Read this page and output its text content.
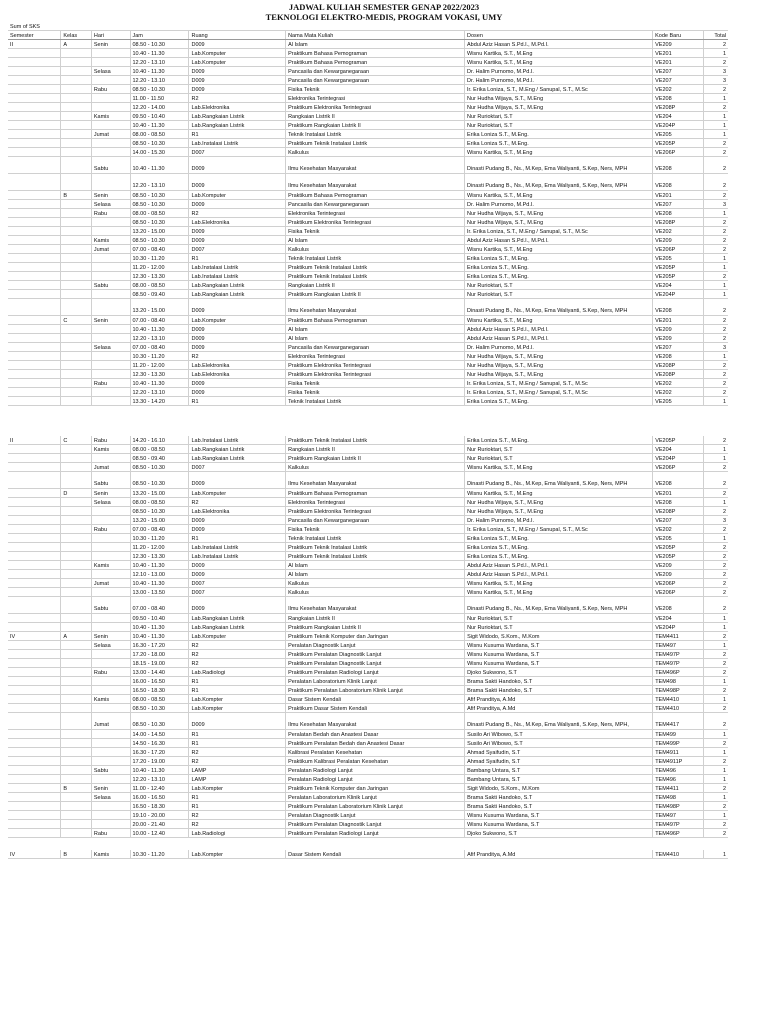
JADWAL KULIAH SEMESTER GENAP 2022/2023
TEKNOLOGI ELEKTRO-MEDIS, PROGRAM VOKASI, UMY
Sum of SKS								
Semester	Kelas	Hari	Jam	Ruang	Nama Mata Kuliah	Dosen	Kode Baru	Total
II	A	Senin	08.50 - 10.30	D009	Al Islam	Abdul Aziz Hasan S.Pd.I., M.Pd.I.	VE209	2
			10.40 - 11.30	Lab.Komputer	Praktikum Bahasa Pemograman	Wisnu Kartika, S.T., M.Eng	VE201	1
			12.20 - 13.10	Lab.Komputer	Praktikum Bahasa Pemograman	Wisnu Kartika, S.T., M.Eng	VE201	2
		Selasa	10.40 - 11.30	D009	Pancasila dan Kewarganegaraan	Dr. Halim Purnomo, M.Pd.I.	VE207	3
			12.20 - 13.10	D009	Pancasila dan Kewarganegaraan	Dr. Halim Purnomo, M.Pd.I.	VE207	3
		Rabu	08.50 - 10.30	D009	Fisika Teknik	Ir. Erika Loniza, S.T., M.Eng / Sanupal, S.T., M.Sc	VE202	2
			11.00 - 11.50	R2	Elektronika Terintegrasi	Nur Hudha Wijaya, S.T., M.Eng	VE208	1
			12.20 - 14.00	Lab.Elektronika	Praktikum Elektronika Terintegrasi	Nur Hudha Wijaya, S.T., M.Eng	VE208P	2
		Kamis	09.50 - 10.40	Lab.Rangkaian Listrik	Rangkaian Listrik II	Nur Rurioktari, S.T	VE204	1
			10.40 - 11.30	Lab.Rangkaian Listrik	Praktikum Rangkaian Listrik II	Nur Rurioktari, S.T	VE204P	1
		Jumat	08.00 - 08.50	R1	Teknik Instalasi Listrik	Erika Loniza S.T., M.Eng.	VE205	1
			08.50 - 10.30	Lab.Instalasi Listrik	Praktikum Teknik Instalasi Listrik	Erika Loniza S.T., M.Eng.	VE205P	2
			14.00 - 15.30	D007	Kalkulus	Wisnu Kartika, S.T., M.Eng	VE206P	2
		Sabtu	10.40 - 11.30	D009	Ilmu Kesehatan Masyarakat	Dinasti Pudang B., Ns., M.Kep, Ema Waliyanti, S.Kep, Ners, MPH	VE208	2
			12.20 - 13.10	D009	Ilmu Kesehatan Masyarakat	Dinasti Pudang B., Ns., M.Kep, Ema Waliyanti, S.Kep, Ners, MPH	VE208	2
	B	Senin	08.50 - 10.30	Lab.Komputer	Praktikum Bahasa Pemograman	Wisnu Kartika, S.T., M.Eng	VE201	2
		Selasa	08.50 - 10.30	D009	Pancasila dan Kewarganegaraan	Dr. Halim Purnomo, M.Pd.I.	VE207	3
		Rabu	08.00 - 08.50	R2	Elektronika Terintegrasi	Nur Hudha Wijaya, S.T., M.Eng	VE208	1
			08.50 - 10.30	Lab.Elektronika	Praktikum Elektronika Terintegrasi	Nur Hudha Wijaya, S.T., M.Eng	VE208P	2
			13.20 - 15.00	D009	Fisika Teknik	Ir. Erika Loniza, S.T., M.Eng / Sanupal, S.T., M.Sc	VE202	2
		Kamis	08.50 - 10.30	D009	Al Islam	Abdul Aziz Hasan S.Pd.I., M.Pd.I.	VE209	2
		Jumat	07.00 - 08.40	D007	Kalkulus	Wisnu Kartika, S.T., M.Eng	VE206P	2
			10.30 - 11.20	R1	Teknik Instalasi Listrik	Erika Loniza S.T., M.Eng.	VE205	1
			11.20 - 12.00	Lab.Instalasi Listrik	Praktikum Teknik Instalasi Listrik	Erika Loniza S.T., M.Eng.	VE205P	1
			12.30 - 13.30	Lab.Instalasi Listrik	Praktikum Teknik Instalasi Listrik	Erika Loniza S.T., M.Eng.	VE205P	2
		Sabtu	08.00 - 08.50	Lab.Rangkaian Listrik	Rangkaian Listrik II	Nur Rurioktari, S.T	VE204	1
			08.50 - 09.40	Lab.Rangkaian Listrik	Praktikum Rangkaian Listrik II	Nur Rurioktari, S.T	VE204P	1
			13.20 - 15.00	D009	Ilmu Kesehatan Masyarakat	Dinasti Pudang B., Ns., M.Kep, Ema Waliyanti, S.Kep, Ners, MPH	VE208	2
	C	Senin	07.00 - 08.40	Lab.Komputer	Praktikum Bahasa Pemograman	Wisnu Kartika, S.T., M.Eng	VE201	2
			10.40 - 11.30	D009	Al Islam	Abdul Aziz Hasan S.Pd.I., M.Pd.I.	VE209	2
			12.20 - 13.10	D009	Al Islam	Abdul Aziz Hasan S.Pd.I., M.Pd.I.	VE209	2
		Selasa	07.00 - 08.40	D009	Pancasila dan Kewarganegaraan	Dr. Halim Purnomo, M.Pd.I.	VE207	3
			10.30 - 11.20	R2	Elektronika Terintegrasi	Nur Hudha Wijaya, S.T., M.Eng	VE208	1
			11.20 - 12.00	Lab.Elektronika	Praktikum Elektronika Terintegrasi	Nur Hudha Wijaya, S.T., M.Eng	VE208P	2
			12.30 - 13.30	Lab.Elektronika	Praktikum Elektronika Terintegrasi	Nur Hudha Wijaya, S.T., M.Eng	VE208P	2
		Rabu	10.40 - 11.30	D009	Fisika Teknik	Ir. Erika Loniza, S.T., M.Eng / Sanupal, S.T., M.Sc	VE202	2
			12.20 - 13.10	D009	Fisika Teknik	Ir. Erika Loniza, S.T., M.Eng / Sanupal, S.T., M.Sc	VE202	2
			13.30 - 14.20	R1	Teknik Instalasi Listrik	Erika Loniza S.T., M.Eng.	VE205	1
II	C	Rabu	14.20 - 16.10	Lab.Instalasi Listrik	Praktikum Teknik Instalasi Listrik	Erika Loniza S.T., M.Eng.	VE205P	2
		Kamis	08.00 - 08.50	Lab.Rangkaian Listrik	Rangkaian Listrik II	Nur Rurioktari, S.T	VE204	1
			08.50 - 09.40	Lab.Rangkaian Listrik	Praktikum Rangkaian Listrik II	Nur Rurioktari, S.T	VE204P	1
		Jumat	08.50 - 10.30	D007	Kalkulus	Wisnu Kartika, S.T., M.Eng	VE206P	2
		Sabtu	08.50 - 10.30	D009	Ilmu Kesehatan Masyarakat	Dinasti Pudang B., Ns., M.Kep, Ema Waliyanti, S.Kep, Ners, MPH	VE208	2
	D	Senin	13.20 - 15.00	Lab.Komputer	Praktikum Bahasa Pemograman	Wisnu Kartika, S.T., M.Eng	VE201	2
		Selasa	08.00 - 08.50	R2	Elektronika Terintegrasi	Nur Hudha Wijaya, S.T., M.Eng	VE208	1
			08.50 - 10.30	Lab.Elektronika	Praktikum Elektronika Terintegrasi	Nur Hudha Wijaya, S.T., M.Eng	VE208P	2
			13.20 - 15.00	D009	Pancasila dan Kewarganegaraan	Dr. Halim Purnomo, M.Pd.I.	VE207	3
		Rabu	07.00 - 08.40	D009	Fisika Teknik	Ir. Erika Loniza, S.T., M.Eng / Sanupal, S.T., M.Sc	VE202	2
			10.30 - 11.20	R1	Teknik Instalasi Listrik	Erika Loniza S.T., M.Eng.	VE205	1
			11.20 - 12.00	Lab.Instalasi Listrik	Praktikum Teknik Instalasi Listrik	Erika Loniza S.T., M.Eng.	VE205P	2
			12.30 - 13.30	Lab.Instalasi Listrik	Praktikum Teknik Instalasi Listrik	Erika Loniza S.T., M.Eng.	VE205P	2
		Kamis	10.40 - 11.30	D009	Al Islam	Abdul Aziz Hasan S.Pd.I., M.Pd.I.	VE209	2
			12.10 - 13.00	D009	Al Islam	Abdul Aziz Hasan S.Pd.I., M.Pd.I.	VE209	2
		Jumat	10.40 - 11.30	D007	Kalkulus	Wisnu Kartika, S.T., M.Eng	VE206P	2
			13.00 - 13.50	D007	Kalkulus	Wisnu Kartika, S.T., M.Eng	VE206P	2
		Sabtu	07.00 - 08.40	D009	Ilmu Kesehatan Masyarakat	Dinasti Pudang B., Ns., M.Kep, Ema Waliyanti, S.Kep, Ners, MPH	VE208	2
			09.50 - 10.40	Lab.Rangkaian Listrik	Rangkaian Listrik II	Nur Rurioktari, S.T	VE204	1
			10.40 - 11.30	Lab.Rangkaian Listrik	Praktikum Rangkaian Listrik II	Nur Rurioktari, S.T	VE204P	1
IV	A	Senin	10.40 - 11.30	Lab.Komputer	Praktikum Teknik Komputer dan Jaringan	Sigit Widodo, S.Kom., M.Kom	TEM4411	2
		Selasa	16.30 - 17.20	R2	Peralatan Diagnostik Lanjut	Wisnu Kusuma Wardana, S.T	TEM497	1
			17.20 - 18.00	R2	Praktikum Peralatan Diagnostik Lanjut	Wisnu Kusuma Wardana, S.T	TEM497P	2
			18.15 - 19.00	R2	Praktikum Peralatan Diagnostik Lanjut	Wisnu Kusuma Wardana, S.T	TEM497P	2
		Rabu	13.00 - 14.40	Lab.Radiologi	Praktikum Peralatan Radiologi Lanjut	Djoko Sukwono, S.T	TEM496P	2
			16.00 - 16.50	R1	Peralatan Laboratorium Klinik Lanjut	Brama Sakti Handoko, S.T	TEM498	1
			16.50 - 18.30	R1	Praktikum Peralatan Laboratorium Klinik Lanjut	Brama Sakti Handoko, S.T	TEM498P	2
		Kamis	08.00 - 08.50	Lab.Kompter	Dasar Sistem Kendali	Afif Pranditya, A.Md	TEM4410	1
			08.50 - 10.30	Lab.Kompter	Praktikum Dasar Sistem Kendali	Afif Pranditya, A.Md	TEM4410	2
		Jumat	08.50 - 10.30	D009	Ilmu Kesehatan Masyarakat	Dinasti Pudang B., Ns., M.Kep, Ema Waliyanti, S.Kep, Ners, MPH,	TEM4417	2
			14.00 - 14.50	R1	Peralatan Bedah dan Anastesi Dasar	Susilo Ari Wibowo, S.T	TEM499	1
			14.50 - 16.30	R1	Praktikum Peralatan Bedah dan Anastesi Dasar	Susilo Ari Wibowo, S.T	TEM499P	2
			16.30 - 17.20	R2	Kalibrasi Peralatan Kesehatan	Ahmad Syaifudin, S.T	TEM4911	1
			17.20 - 19.00	R2	Praktikum Kalibrasi Peralatan Kesehatan	Ahmad Syaifudin, S.T	TEM4911P	2
		Sabtu	10.40 - 11.30	LAMP	Peralatan Radiologi Lanjut	Bambang Untara, S.T	TEM496	1
			12.20 - 13.10	LAMP	Peralatan Radiologi Lanjut	Bambang Untara, S.T	TEM496	1
	B	Senin	11.00 - 12.40	Lab.Kompter	Praktikum Teknik Komputer dan Jaringan	Sigit Widodo, S.Kom., M.Kom	TEM4411	2
		Selasa	16.00 - 16.50	R1	Peralatan Laboratorium Klinik Lanjut	Brama Sakti Handoko, S.T	TEM498	1
			16.50 - 18.30	R1	Praktikum Peralatan Laboratorium Klinik Lanjut	Brama Sakti Handoko, S.T	TEM498P	2
			19.10 - 20.00	R2	Peralatan Diagnostik Lanjut	Wisnu Kusuma Wardana, S.T	TEM497	1
			20.00 - 21.40	R2	Praktikum Peralatan Diagnostik Lanjut	Wisnu Kusuma Wardana, S.T	TEM497P	2
		Rabu	10.00 - 12.40	Lab.Radiologi	Praktikum Peralatan Radiologi Lanjut	Djoko Sukwono, S.T	TEM496P	2
IV	B	Kamis	10.30 - 11.20	Lab.Kompter	Dasar Sistem Kendali	Afif Pranditya, A.Md	TEM4410	1
